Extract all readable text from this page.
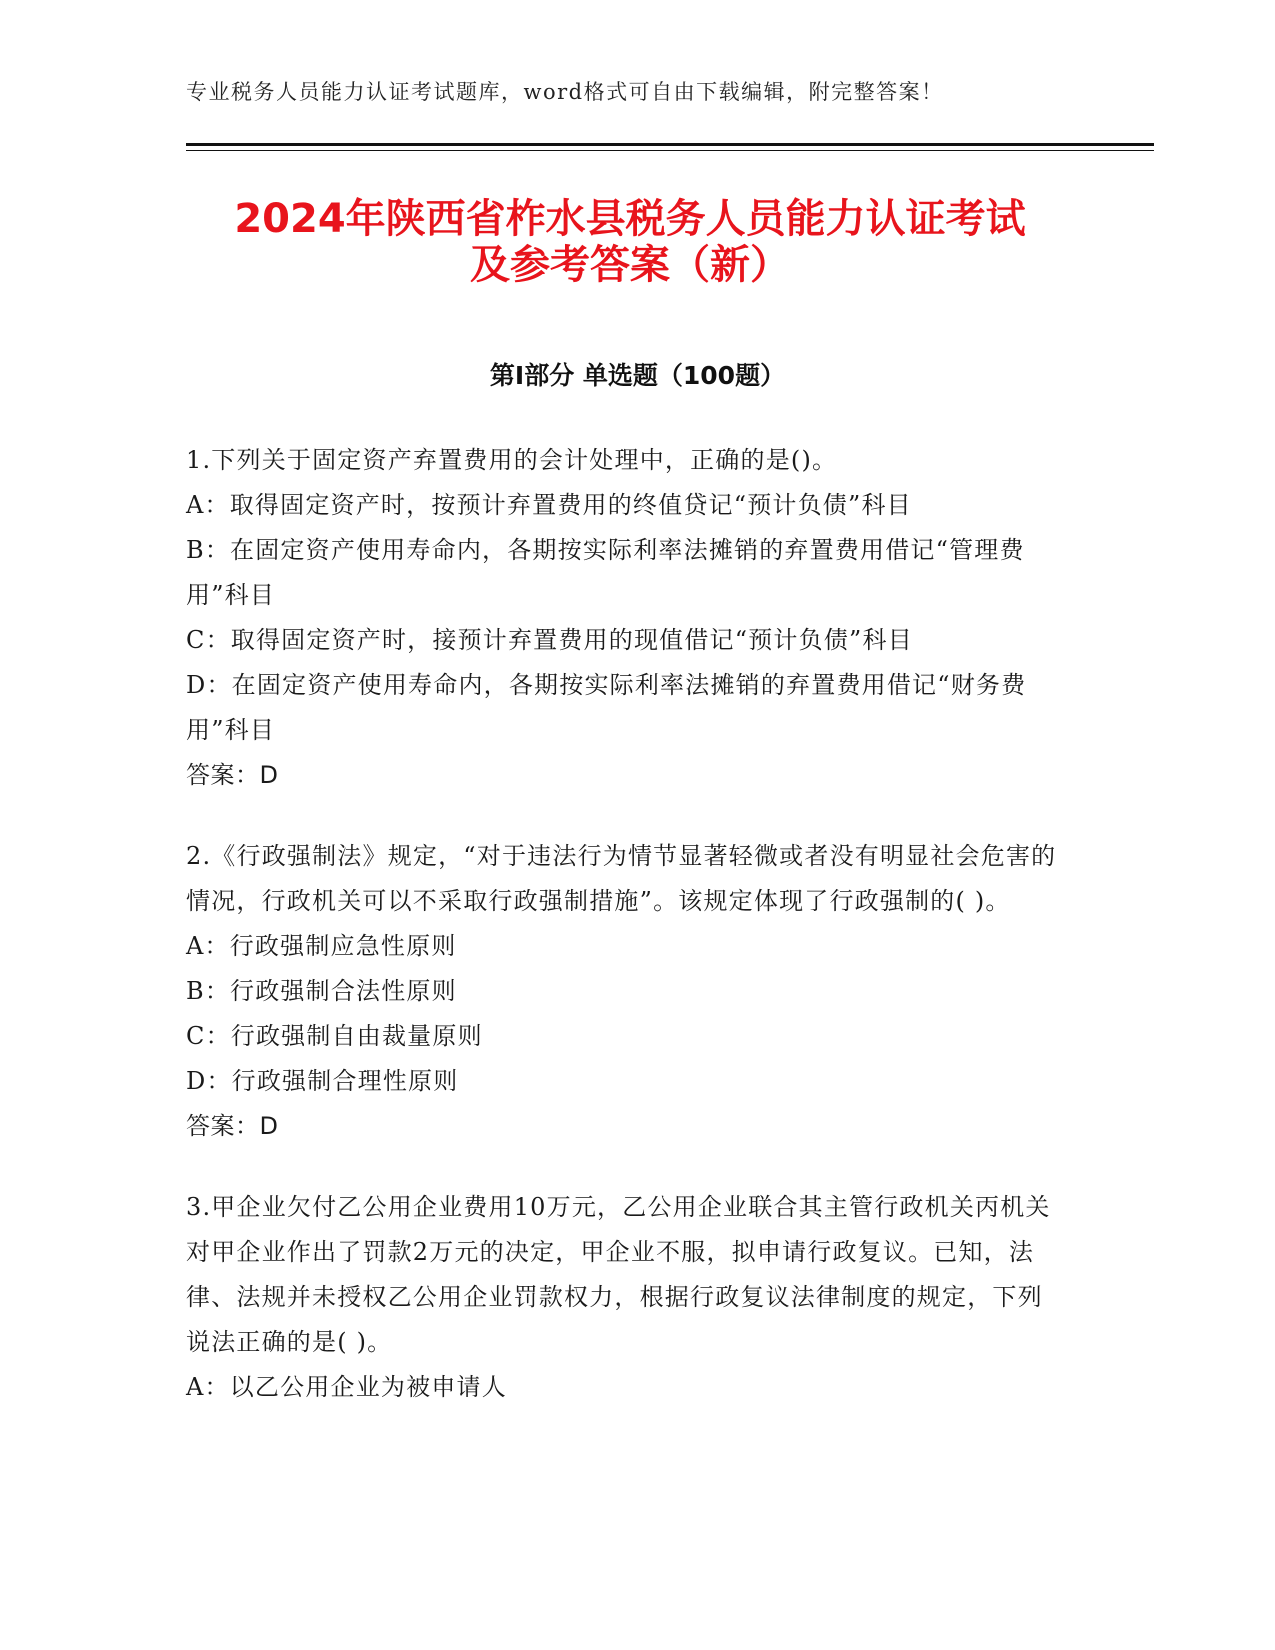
专业税务人员能力认证考试题库，word格式可自由下载编辑，附完整答案！
2024年陕西省柞水县税务人员能力认证考试
及参考答案（新）
第Ⅰ部分 单选题（100题）

1.下列关于固定资产弃置费用的会计处理中，正确的是()。

A：取得固定资产时，按预计弃置费用的终值贷记“预计负债”科目

B：在固定资产使用寿命内，各期按实际利率法摊销的弃置费用借记“管理费用”科目

C：取得固定资产时，接预计弃置费用的现值借记“预计负债”科目

D：在固定资产使用寿命内，各期按实际利率法摊销的弃置费用借记“财务费用”科目

答案：D

2.《行政强制法》规定，“对于违法行为情节显著轻微或者没有明显社会危害的情况，行政机关可以不采取行政强制措施”。该规定体现了行政强制的( )。

A：行政强制应急性原则

B：行政强制合法性原则

C：行政强制自由裁量原则

D：行政强制合理性原则

答案：D

3.甲企业欠付乙公用企业费用10万元，乙公用企业联合其主管行政机关丙机关对甲企业作出了罚款2万元的决定，甲企业不服，拟申请行政复议。已知，法律、法规并未授权乙公用企业罚款权力，根据行政复议法律制度的规定，下列说法正确的是( )。

A：以乙公用企业为被申请人
